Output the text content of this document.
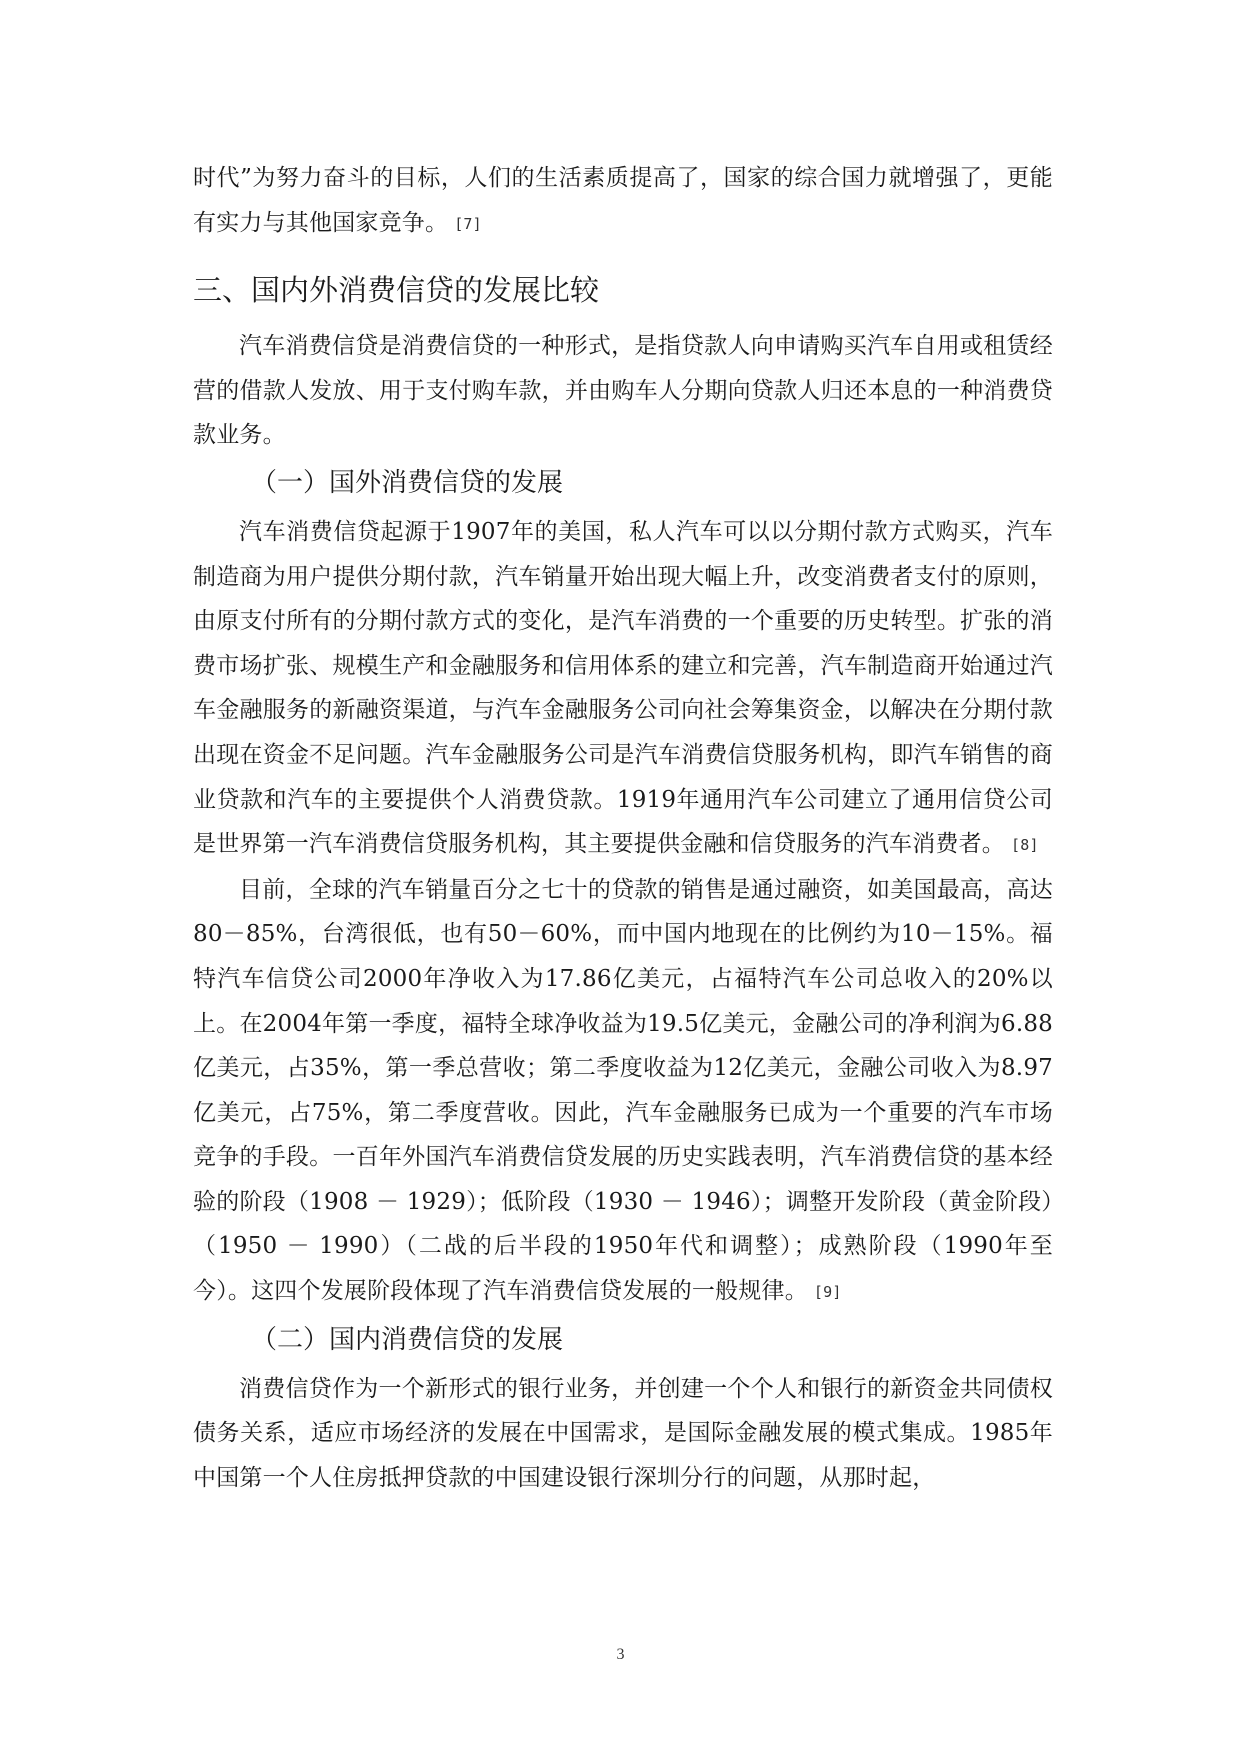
时代”为努力奋斗的目标，人们的生活素质提高了，国家的综合国力就增强了，更能有实力与其他国家竞争。 [7]

三、国内外消费信贷的发展比较

汽车消费信贷是消费信贷的一种形式，是指贷款人向申请购买汽车自用或租赁经营的借款人发放、用于支付购车款，并由购车人分期向贷款人归还本息的一种消费贷款业务。

（一）国外消费信贷的发展

汽车消费信贷起源于1907年的美国，私人汽车可以以分期付款方式购买，汽车制造商为用户提供分期付款，汽车销量开始出现大幅上升，改变消费者支付的原则，由原支付所有的分期付款方式的变化，是汽车消费的一个重要的历史转型。扩张的消费市场扩张、规模生产和金融服务和信用体系的建立和完善，汽车制造商开始通过汽车金融服务的新融资渠道，与汽车金融服务公司向社会筹集资金，以解决在分期付款出现在资金不足问题。汽车金融服务公司是汽车消费信贷服务机构，即汽车销售的商业贷款和汽车的主要提供个人消费贷款。1919年通用汽车公司建立了通用信贷公司是世界第一汽车消费信贷服务机构，其主要提供金融和信贷服务的汽车消费者。 [8]

目前，全球的汽车销量百分之七十的贷款的销售是通过融资，如美国最高，高达80－85%，台湾很低，也有50－60%，而中国内地现在的比例约为10－15%。福特汽车信贷公司2000年净收入为17.86亿美元，占福特汽车公司总收入的20%以上。在2004年第一季度，福特全球净收益为19.5亿美元，金融公司的净利润为6.88亿美元，占35%，第一季总营收；第二季度收益为12亿美元，金融公司收入为8.97亿美元，占75%，第二季度营收。因此，汽车金融服务已成为一个重要的汽车市场竞争的手段。一百年外国汽车消费信贷发展的历史实践表明，汽车消费信贷的基本经验的阶段（1908 － 1929）；低阶段（1930 － 1946）；调整开发阶段（黄金阶段）（1950 － 1990）（二战的后半段的1950年代和调整）；成熟阶段（1990年至今）。这四个发展阶段体现了汽车消费信贷发展的一般规律。 [9]

（二）国内消费信贷的发展

消费信贷作为一个新形式的银行业务，并创建一个个人和银行的新资金共同债权债务关系，适应市场经济的发展在中国需求，是国际金融发展的模式集成。1985年中国第一个人住房抵押贷款的中国建设银行深圳分行的问题，从那时起，

3
